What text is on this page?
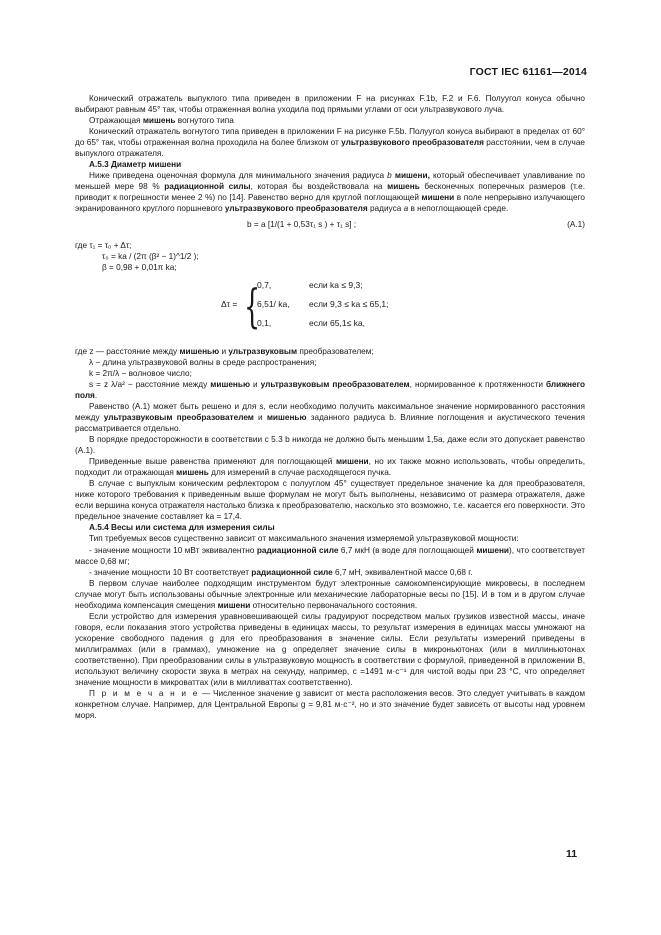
ГОСТ IEC 61161—2014

Конический отражатель выпуклого типа приведен в приложении F на рисунках F.1b, F.2 и F.6. Полуугол конуса обычно выбирают равным 45° так, чтобы отраженная волна уходила под прямыми углами от оси ультразвукового луча.

Отражающая мишень вогнутого типа

Конический отражатель вогнутого типа приведен в приложении F на рисунке F.5b. Полуугол конуса выбирают в пределах от 60° до 65° так, чтобы отраженная волна проходила на более близком от ультразвукового преобразователя расстоянии, чем в случае выпуклого отражателя.

А.5.3 Диаметр мишени

Ниже приведена оценочная формула для минимального значения радиуса b мишени, который обеспечивает улавливание по меньшей мере 98 % радиационной силы, которая бы воздействовала на мишень бесконечных поперечных размеров (т.е. приводит к погрешности менее 2 %) по [14]. Равенство верно для круглой поглощающей мишени в поле непрерывно излучающего экранированного круглого поршневого ультразвукового преобразователя радиуса a в непоглощающей среде.

b = a [1/(1 + 0,53τ₁ s ) + τ₁ s] ;	(А.1)

где τ₁ = τ₀ + Δτ;

τ₀ = ka / (2π (β² − 1)^1/2 );

β = 0,98 + 0,01π ka;

Δτ = {
0,7,	если ka ≤ 9,3;
6,51/ ka, если 9,3 ≤ ka ≤ 65,1;
0,1,	если 65,1≤ ka,

где z — расстояние между мишенью и ультразвуковым преобразователем;

λ − длина ультразвуковой волны в среде распространения;

k = 2π/λ − волновое число;

s = z λ/a² − расстояние между мишенью и ультразвуковым преобразователем, нормированное к протяженности ближнего поля.

Равенство (А.1) может быть решено и для s, если необходимо получить максимальное значение нормированного расстояния между ультразвуковым преобразователем и мишенью заданного радиуса b. Влияние поглощения и акустического течения рассматривается отдельно.

В порядке предосторожности в соответствии с 5.3 b никогда не должно быть меньшим 1,5a, даже если это допускает равенство (А.1).

Приведенные выше равенства применяют для поглощающей мишени, но их также можно использовать, чтобы определить, подходит ли отражающая мишень для измерений в случае расходящегося пучка.

В случае с выпуклым коническим рефлектором с полууглом 45° существует предельное значение ka для преобразователя, ниже которого требования к приведенным выше формулам не могут быть выполнены, независимо от размера отражателя, даже если вершина конуса отражателя настолько близка к преобразователю, насколько это возможно, т.е. касается его поверхности. Это предельное значение составляет ka = 17,4.

А.5.4 Весы или система для измерения силы

Тип требуемых весов существенно зависит от максимального значения измеряемой ультразвуковой мощности:

- значение мощности 10 мВт эквивалентно радиационной силе 6,7 мкН (в воде для поглощающей мишени), что соответствует массе 0,68 мг;

- значение мощности 10 Вт соответствует радиационной силе 6,7 мН, эквивалентной массе 0,68 г.

В первом случае наиболее подходящим инструментом будут электронные самокомпенсирующие микровесы, в последнем случае могут быть использованы обычные электронные или механические лабораторные весы по [15]. И в том и в другом случае необходима компенсация смещения мишени относительно первоначального состояния.

Если устройство для измерения уравновешивающей силы градуируют посредством малых грузиков известной массы, иначе говоря, если показания этого устройства приведены в единицах массы, то результат измерения в единицах массы умножают на ускорение свободного падения g для его преобразования в значение силы. Если результаты измерений приведены в миллиграммах (или в граммах), умножение на g определяет значение силы в микроньютонах (или в миллиньютонах соответственно). При преобразовании силы в ультразвуковую мощность в соответствии с формулой, приведенной в приложении В, используют величину скорости звука в метрах на секунду, например, c =1491 м·с⁻¹ для чистой воды при 23 °С, что определяет значение мощности в микроваттах (или в милливаттах соответственно).

П р и м е ч а н и е — Численное значение g зависит от места расположения весов. Это следует учитывать в каждом конкретном случае. Например, для Центральной Европы g = 9,81 м·с⁻², но и это значение будет зависеть от высоты над уровнем моря.

11
